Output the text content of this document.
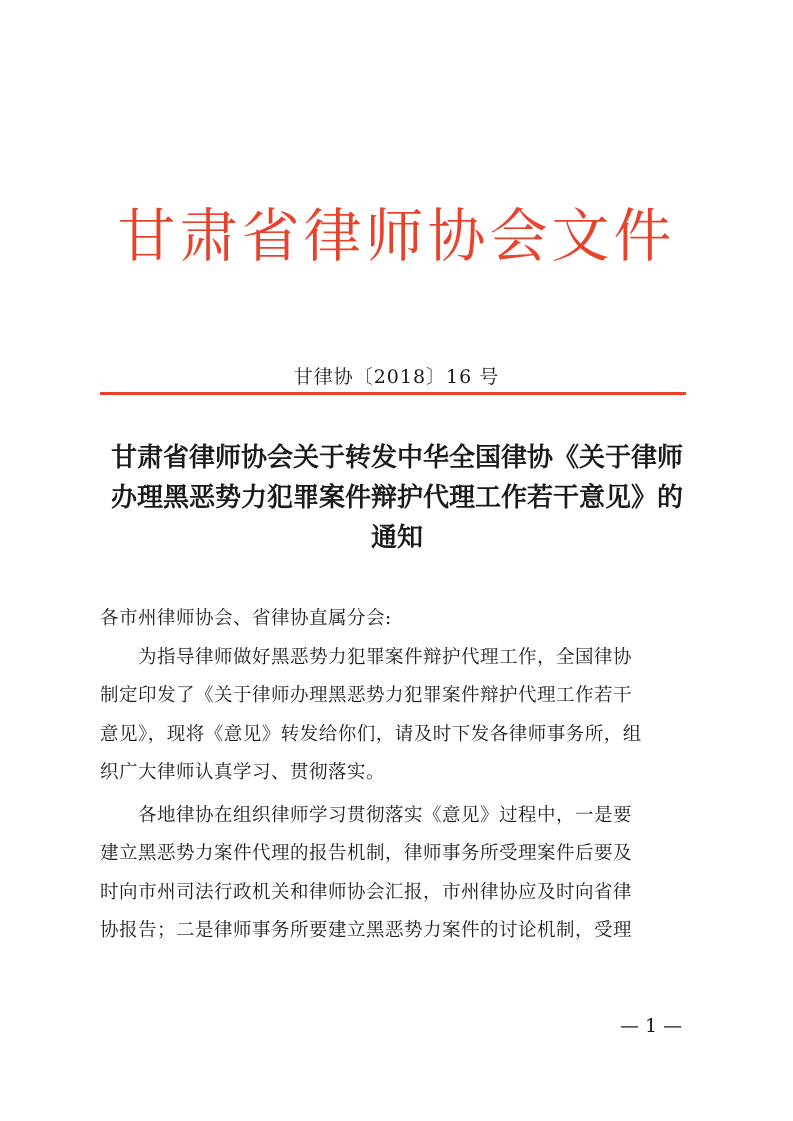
甘肃省律师协会文件
甘律协〔2018〕16 号
甘肃省律师协会关于转发中华全国律协《关于律师
办理黑恶势力犯罪案件辩护代理工作若干意见》的
通知
各市州律师协会、省律协直属分会:
为指导律师做好黑恶势力犯罪案件辩护代理工作，全国律协
制定印发了《关于律师办理黑恶势力犯罪案件辩护代理工作若干
意见》，现将《意见》转发给你们，请及时下发各律师事务所，组
织广大律师认真学习、贯彻落实。
各地律协在组织律师学习贯彻落实《意见》过程中，一是要
建立黑恶势力案件代理的报告机制，律师事务所受理案件后要及
时向市州司法行政机关和律师协会汇报，市州律协应及时向省律
协报告；二是律师事务所要建立黑恶势力案件的讨论机制，受理
— 1 —
